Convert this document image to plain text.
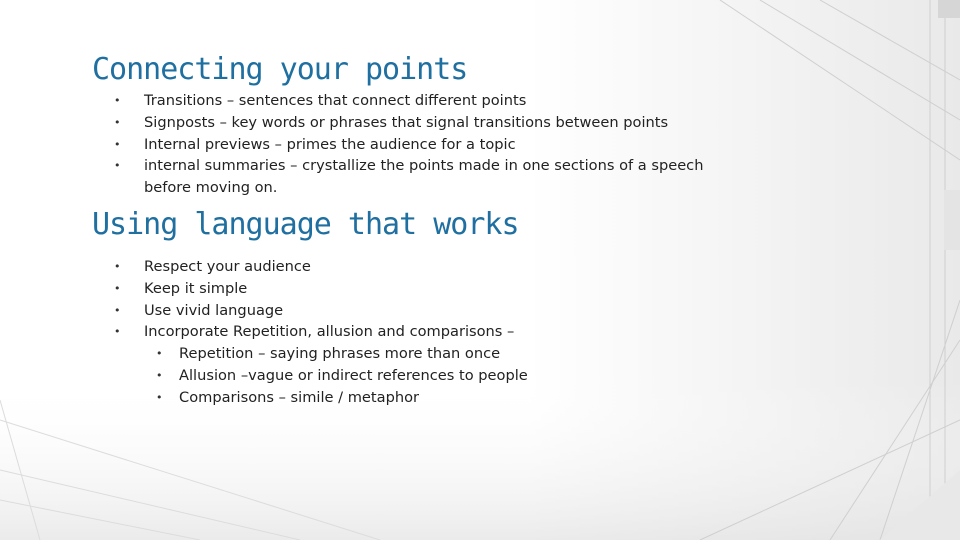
Connecting your points
• Transitions – sentences that connect different points
• Signposts – key words or phrases that signal transitions between points
• Internal previews – primes the audience for a topic
• internal summaries – crystallize the points made in one sections of a speech before moving on.
Using language that works
• Respect your audience
• Keep it simple
• Use vivid language
• Incorporate Repetition, allusion and comparisons –
• Repetition – saying phrases more than once
• Allusion –vague or indirect references to people
• Comparisons – simile / metaphor
